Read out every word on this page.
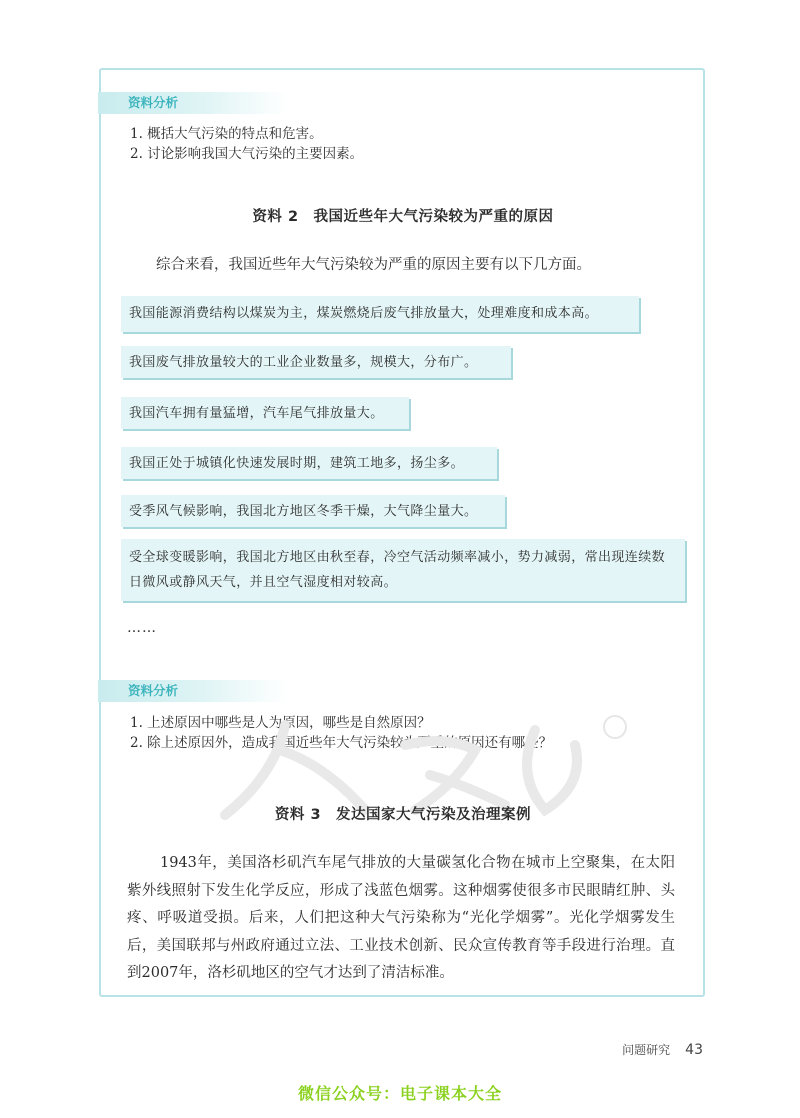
资料分析
1. 概括大气污染的特点和危害。
2. 讨论影响我国大气污染的主要因素。
资料 2　我国近些年大气污染较为严重的原因
综合来看，我国近些年大气污染较为严重的原因主要有以下几方面。
我国能源消费结构以煤炭为主，煤炭燃烧后废气排放量大，处理难度和成本高。
我国废气排放量较大的工业企业数量多，规模大，分布广。
我国汽车拥有量猛增，汽车尾气排放量大。
我国正处于城镇化快速发展时期，建筑工地多，扬尘多。
受季风气候影响，我国北方地区冬季干燥，大气降尘量大。
受全球变暖影响，我国北方地区由秋至春，冷空气活动频率减小，势力减弱，常出现连续数日微风或静风天气，并且空气湿度相对较高。
……
资料分析
1. 上述原因中哪些是人为原因，哪些是自然原因？
2. 除上述原因外，造成我国近些年大气污染较为严重的原因还有哪些？
资料 3　发达国家大气污染及治理案例
1943年，美国洛杉矶汽车尾气排放的大量碳氢化合物在城市上空聚集，在太阳紫外线照射下发生化学反应，形成了浅蓝色烟雾。这种烟雾使很多市民眼睛红肿、头疼、呼吸道受损。后来，人们把这种大气污染称为“光化学烟雾”。光化学烟雾发生后，美国联邦与州政府通过立法、工业技术创新、民众宣传教育等手段进行治理。直到2007年，洛杉矶地区的空气才达到了清洁标准。
问题研究 43
微信公众号：电子课本大全
